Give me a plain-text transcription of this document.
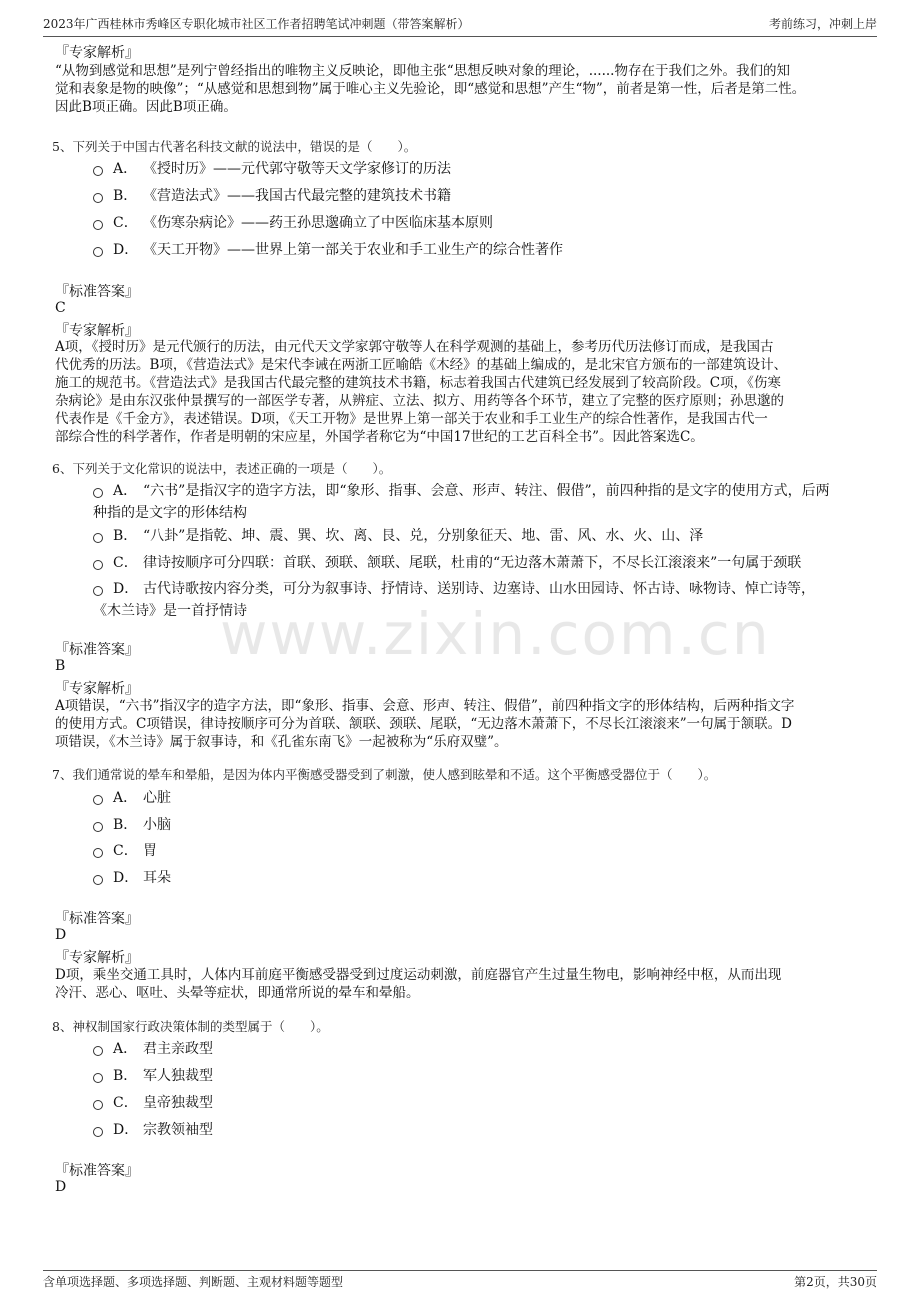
2023年广西桂林市秀峰区专职化城市社区工作者招聘笔试冲刺题（带答案解析）	考前练习，冲刺上岸
www.zixin.com.cn
『专家解析』
“从物到感觉和思想”是列宁曾经指出的唯物主义反映论，即他主张“思想反映对象的理论，......物存在于我们之外。我们的知
觉和表象是物的映像”；“从感觉和思想到物”属于唯心主义先验论，即“感觉和思想”产生“物”，前者是第一性，后者是第二性。
因此B项正确。因此B项正确。
5、下列关于中国古代著名科技文献的说法中，错误的是（　　）。
A． 《授时历》——元代郭守敬等天文学家修订的历法
B． 《营造法式》——我国古代最完整的建筑技术书籍
C． 《伤寒杂病论》——药王孙思邈确立了中医临床基本原则
D． 《天工开物》——世界上第一部关于农业和手工业生产的综合性著作
『标准答案』
C
『专家解析』
A项，《授时历》是元代颁行的历法，由元代天文学家郭守敬等人在科学观测的基础上，参考历代历法修订而成，是我国古
代优秀的历法。B项，《营造法式》是宋代李诫在两浙工匠喻皓《木经》的基础上编成的，是北宋官方颁布的一部建筑设计、
施工的规范书。《营造法式》是我国古代最完整的建筑技术书籍，标志着我国古代建筑已经发展到了较高阶段。C项，《伤寒
杂病论》是由东汉张仲景撰写的一部医学专著，从辨症、立法、拟方、用药等各个环节，建立了完整的医疗原则；孙思邈的
代表作是《千金方》，表述错误。D项，《天工开物》是世界上第一部关于农业和手工业生产的综合性著作，是我国古代一
部综合性的科学著作，作者是明朝的宋应星，外国学者称它为“中国17世纪的工艺百科全书”。因此答案选C。
6、下列关于文化常识的说法中，表述正确的一项是（　　）。
A． “六书”是指汉字的造字方法，即“象形、指事、会意、形声、转注、假借”，前四种指的是文字的使用方式，后两
种指的是文字的形体结构
B． “八卦”是指乾、坤、震、巽、坎、离、艮、兑，分别象征天、地、雷、风、水、火、山、泽
C． 律诗按顺序可分四联：首联、颈联、颔联、尾联，杜甫的“无边落木萧萧下，不尽长江滚滚来”一句属于颈联
D． 古代诗歌按内容分类，可分为叙事诗、抒情诗、送别诗、边塞诗、山水田园诗、怀古诗、咏物诗、悼亡诗等，
《木兰诗》是一首抒情诗
『标准答案』
B
『专家解析』
A项错误，“六书”指汉字的造字方法，即“象形、指事、会意、形声、转注、假借”，前四种指文字的形体结构，后两种指文字
的使用方式。C项错误，律诗按顺序可分为首联、颔联、颈联、尾联，“无边落木萧萧下，不尽长江滚滚来”一句属于颔联。D
项错误，《木兰诗》属于叙事诗，和《孔雀东南飞》一起被称为“乐府双璧”。
7、我们通常说的晕车和晕船，是因为体内平衡感受器受到了刺激，使人感到眩晕和不适。这个平衡感受器位于（　　）。
A． 心脏
B． 小脑
C． 胃
D． 耳朵
『标准答案』
D
『专家解析』
D项，乘坐交通工具时，人体内耳前庭平衡感受器受到过度运动刺激，前庭器官产生过量生物电，影响神经中枢，从而出现
冷汗、恶心、呕吐、头晕等症状，即通常所说的晕车和晕船。
8、神权制国家行政决策体制的类型属于（　　）。
A． 君主亲政型
B． 军人独裁型
C． 皇帝独裁型
D． 宗教领袖型
『标准答案』
D
含单项选择题、多项选择题、判断题、主观材料题等题型	第2页，共30页
